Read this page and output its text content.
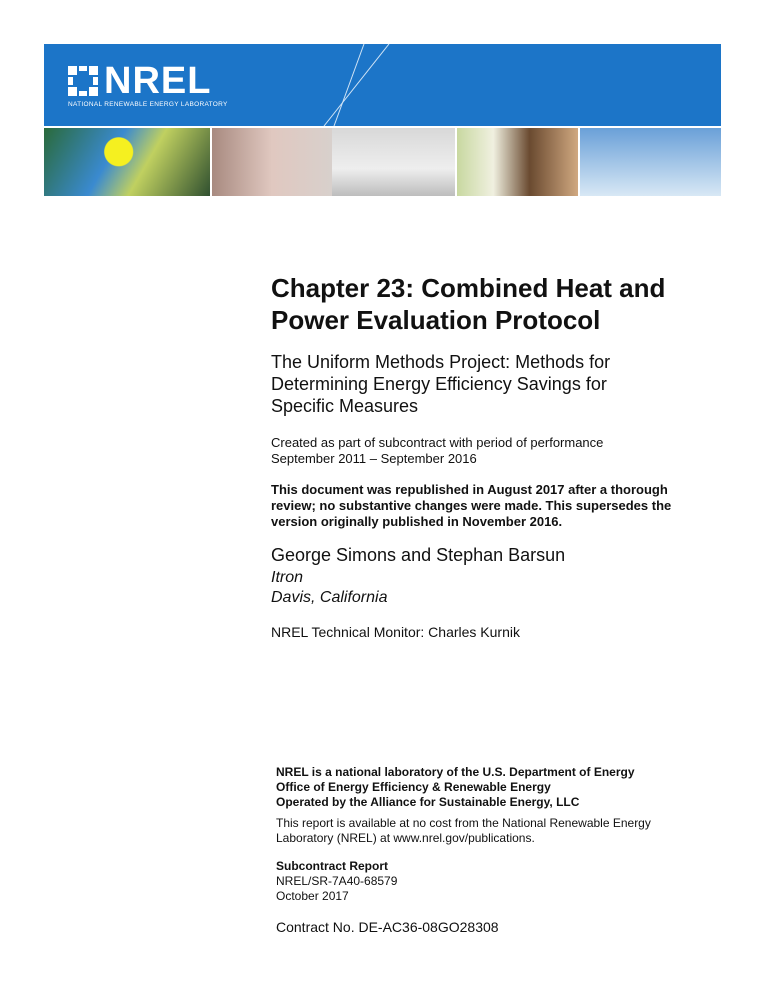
NREL
NATIONAL RENEWABLE ENERGY LABORATORY
Chapter 23: Combined Heat and
Power Evaluation Protocol
The Uniform Methods Project: Methods for
Determining Energy Efficiency Savings for
Specific Measures
Created as part of subcontract with period of performance
September 2011 – September 2016
This document was republished in August 2017 after a thorough
review; no substantive changes were made. This supersedes the
version originally published in November 2016.
George Simons and Stephan Barsun
Itron
Davis, California
NREL Technical Monitor: Charles Kurnik
NREL is a national laboratory of the U.S. Department of Energy
Office of Energy Efficiency & Renewable Energy
Operated by the Alliance for Sustainable Energy, LLC
This report is available at no cost from the National Renewable Energy
Laboratory (NREL) at www.nrel.gov/publications.
Subcontract Report
NREL/SR-7A40-68579
October 2017
Contract No. DE-AC36-08GO28308
